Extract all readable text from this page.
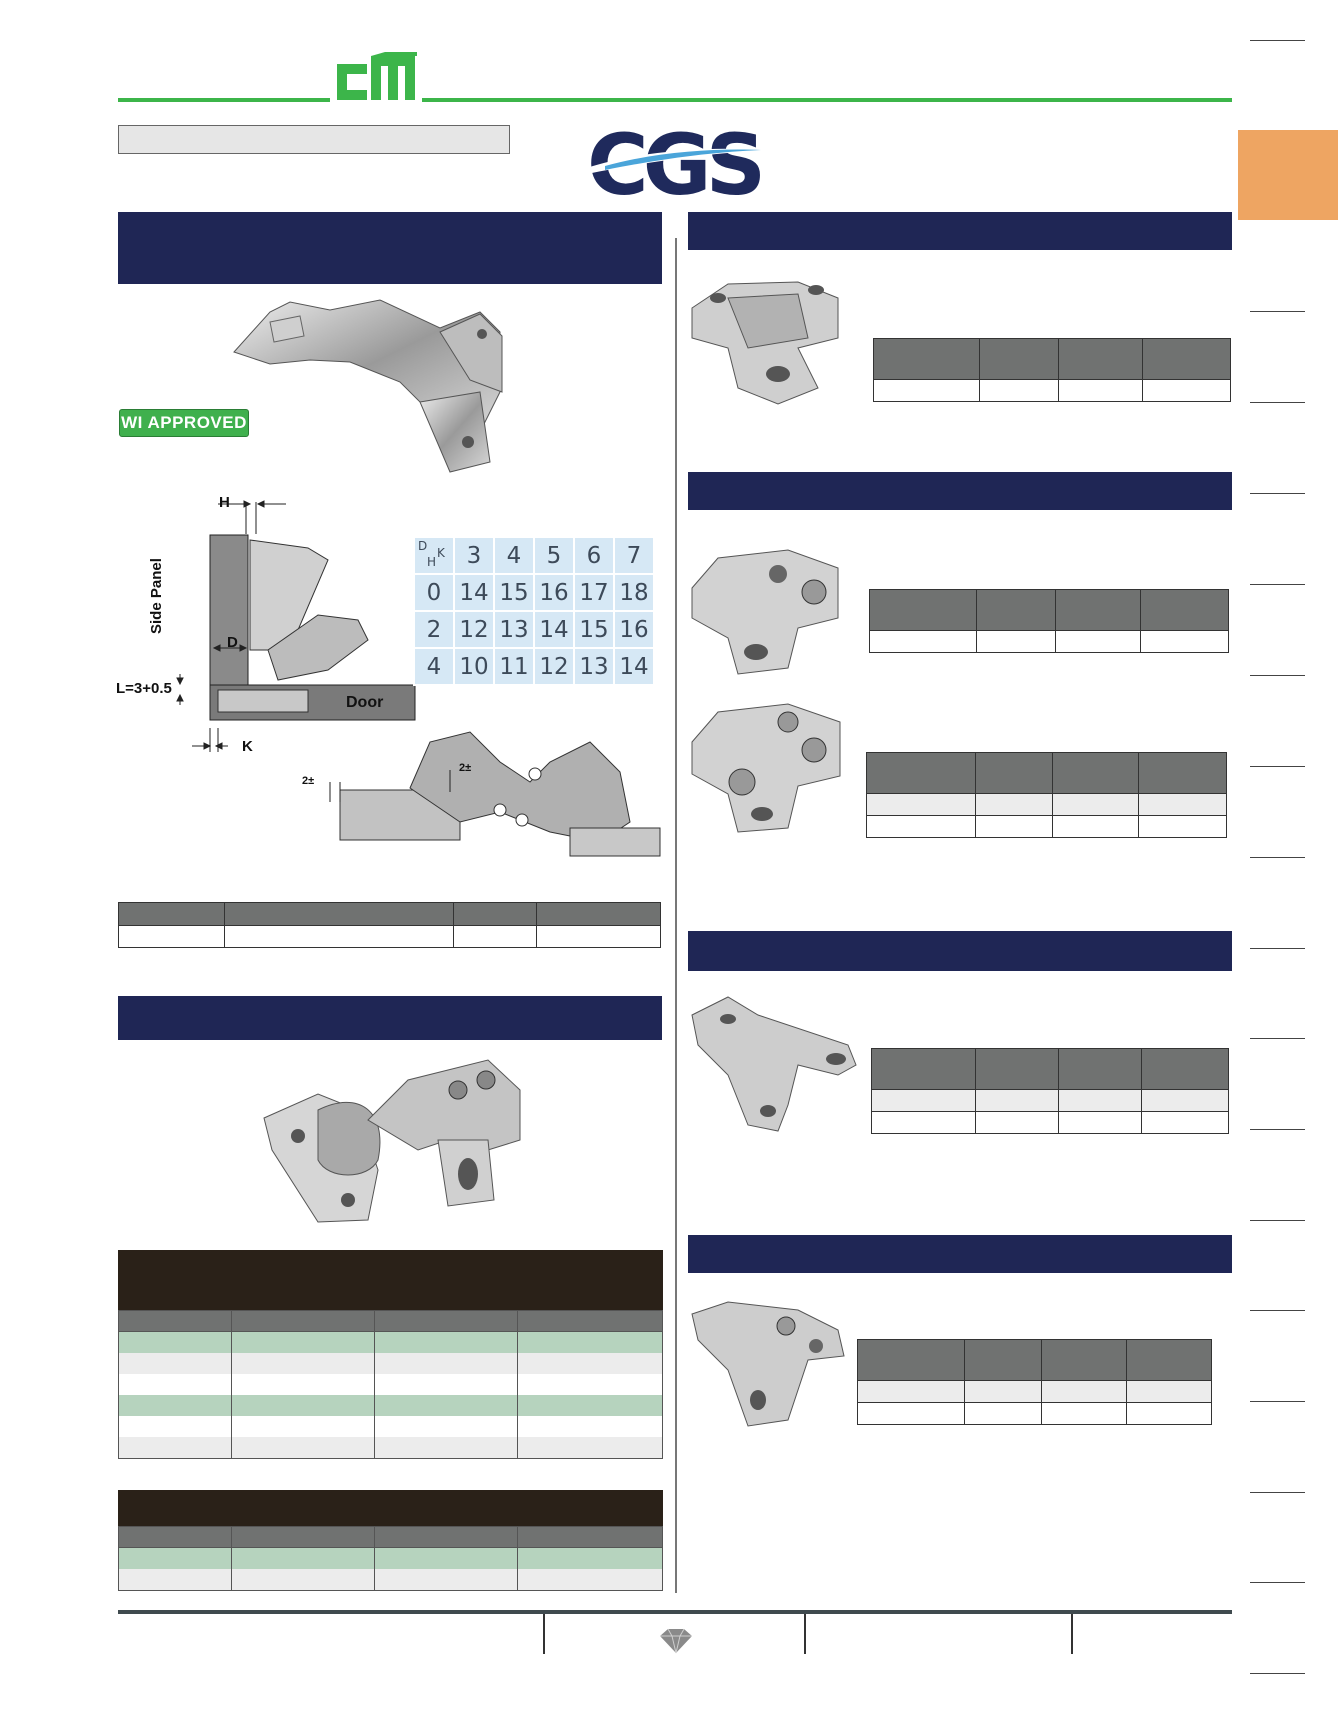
CGS
WI APPROVED
H
D
K
Door
L=3+0.5
Side Panel
D K
H	3	4	5	6	7
0	14	15	16	17	18
2	12	13	14	15	16
4	10	11	12	13	14
2±
2±
